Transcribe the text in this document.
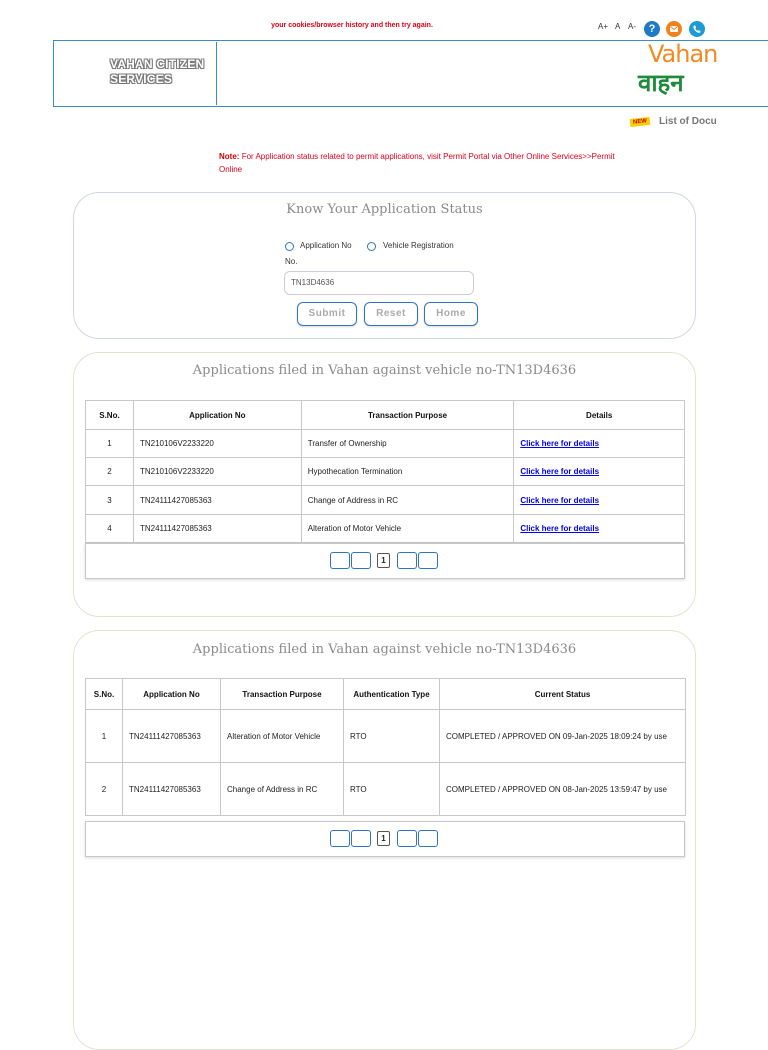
your cookies/browser history and then try again.	A+ A A-	?
VAHAN CITIZEN
SERVICES
Vahan
वाहन
NEW	List of Docu
Note: For Application status related to permit applications, visit Permit Portal via Other Online Services>>Permit Online
Know Your Application Status
Application No	Vehicle Registration
No.
TN13D4636
Submit	Reset	Home
Applications filed in Vahan against vehicle no-TN13D4636
S.No.	Application No	Transaction Purpose	Details
1	TN210106V2233220	Transfer of Ownership	Click here for details
2	TN210106V2233220	Hypothecation Termination	Click here for details
3	TN24111427085363	Change of Address in RC	Click here for details
4	TN24111427085363	Alteration of Motor Vehicle	Click here for details
1
Applications filed in Vahan against vehicle no-TN13D4636
S.No.	Application No	Transaction Purpose	Authentication Type	Current Status
1	TN24111427085363	Alteration of Motor Vehicle	RTO	COMPLETED / APPROVED ON 09-Jan-2025 18:09:24 by use
2	TN24111427085363	Change of Address in RC	RTO	COMPLETED / APPROVED ON 08-Jan-2025 13:59:47 by use
1
